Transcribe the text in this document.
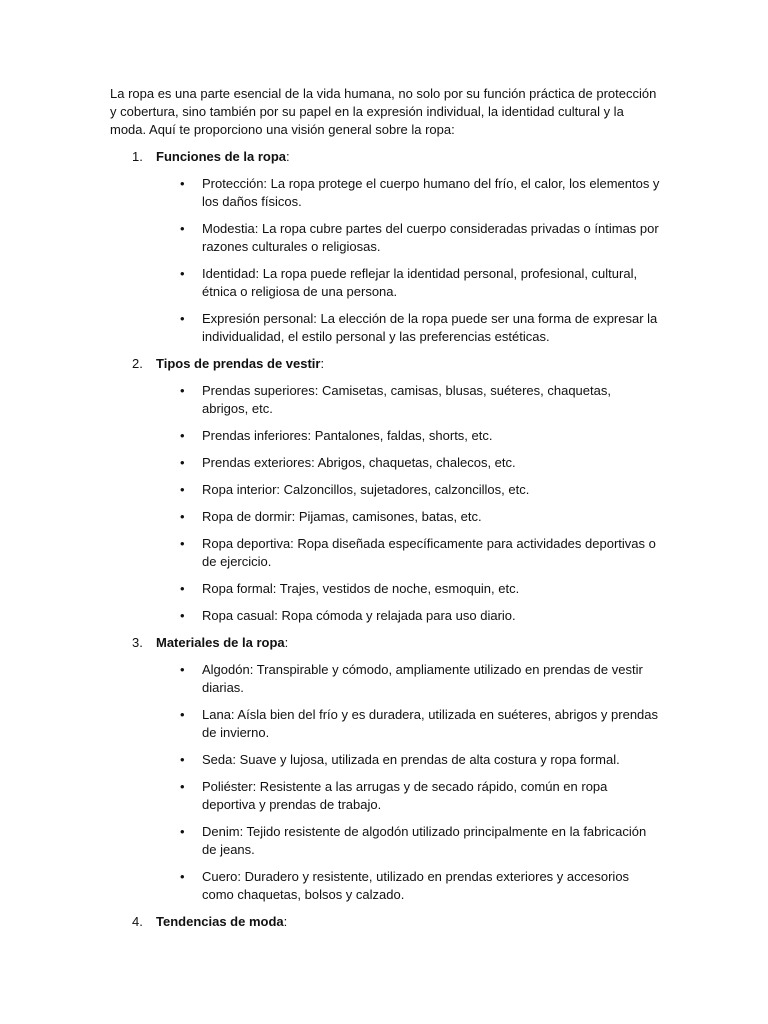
La ropa es una parte esencial de la vida humana, no solo por su función práctica de protección y cobertura, sino también por su papel en la expresión individual, la identidad cultural y la moda. Aquí te proporciono una visión general sobre la ropa:

1. Funciones de la ropa:
• Protección: La ropa protege el cuerpo humano del frío, el calor, los elementos y los daños físicos.
• Modestia: La ropa cubre partes del cuerpo consideradas privadas o íntimas por razones culturales o religiosas.
• Identidad: La ropa puede reflejar la identidad personal, profesional, cultural, étnica o religiosa de una persona.
• Expresión personal: La elección de la ropa puede ser una forma de expresar la individualidad, el estilo personal y las preferencias estéticas.
2. Tipos de prendas de vestir:
• Prendas superiores: Camisetas, camisas, blusas, suéteres, chaquetas, abrigos, etc.
• Prendas inferiores: Pantalones, faldas, shorts, etc.
• Prendas exteriores: Abrigos, chaquetas, chalecos, etc.
• Ropa interior: Calzoncillos, sujetadores, calzoncillos, etc.
• Ropa de dormir: Pijamas, camisones, batas, etc.
• Ropa deportiva: Ropa diseñada específicamente para actividades deportivas o de ejercicio.
• Ropa formal: Trajes, vestidos de noche, esmoquin, etc.
• Ropa casual: Ropa cómoda y relajada para uso diario.
3. Materiales de la ropa:
• Algodón: Transpirable y cómodo, ampliamente utilizado en prendas de vestir diarias.
• Lana: Aísla bien del frío y es duradera, utilizada en suéteres, abrigos y prendas de invierno.
• Seda: Suave y lujosa, utilizada en prendas de alta costura y ropa formal.
• Poliéster: Resistente a las arrugas y de secado rápido, común en ropa deportiva y prendas de trabajo.
• Denim: Tejido resistente de algodón utilizado principalmente en la fabricación de jeans.
• Cuero: Duradero y resistente, utilizado en prendas exteriores y accesorios como chaquetas, bolsos y calzado.
4. Tendencias de moda:
